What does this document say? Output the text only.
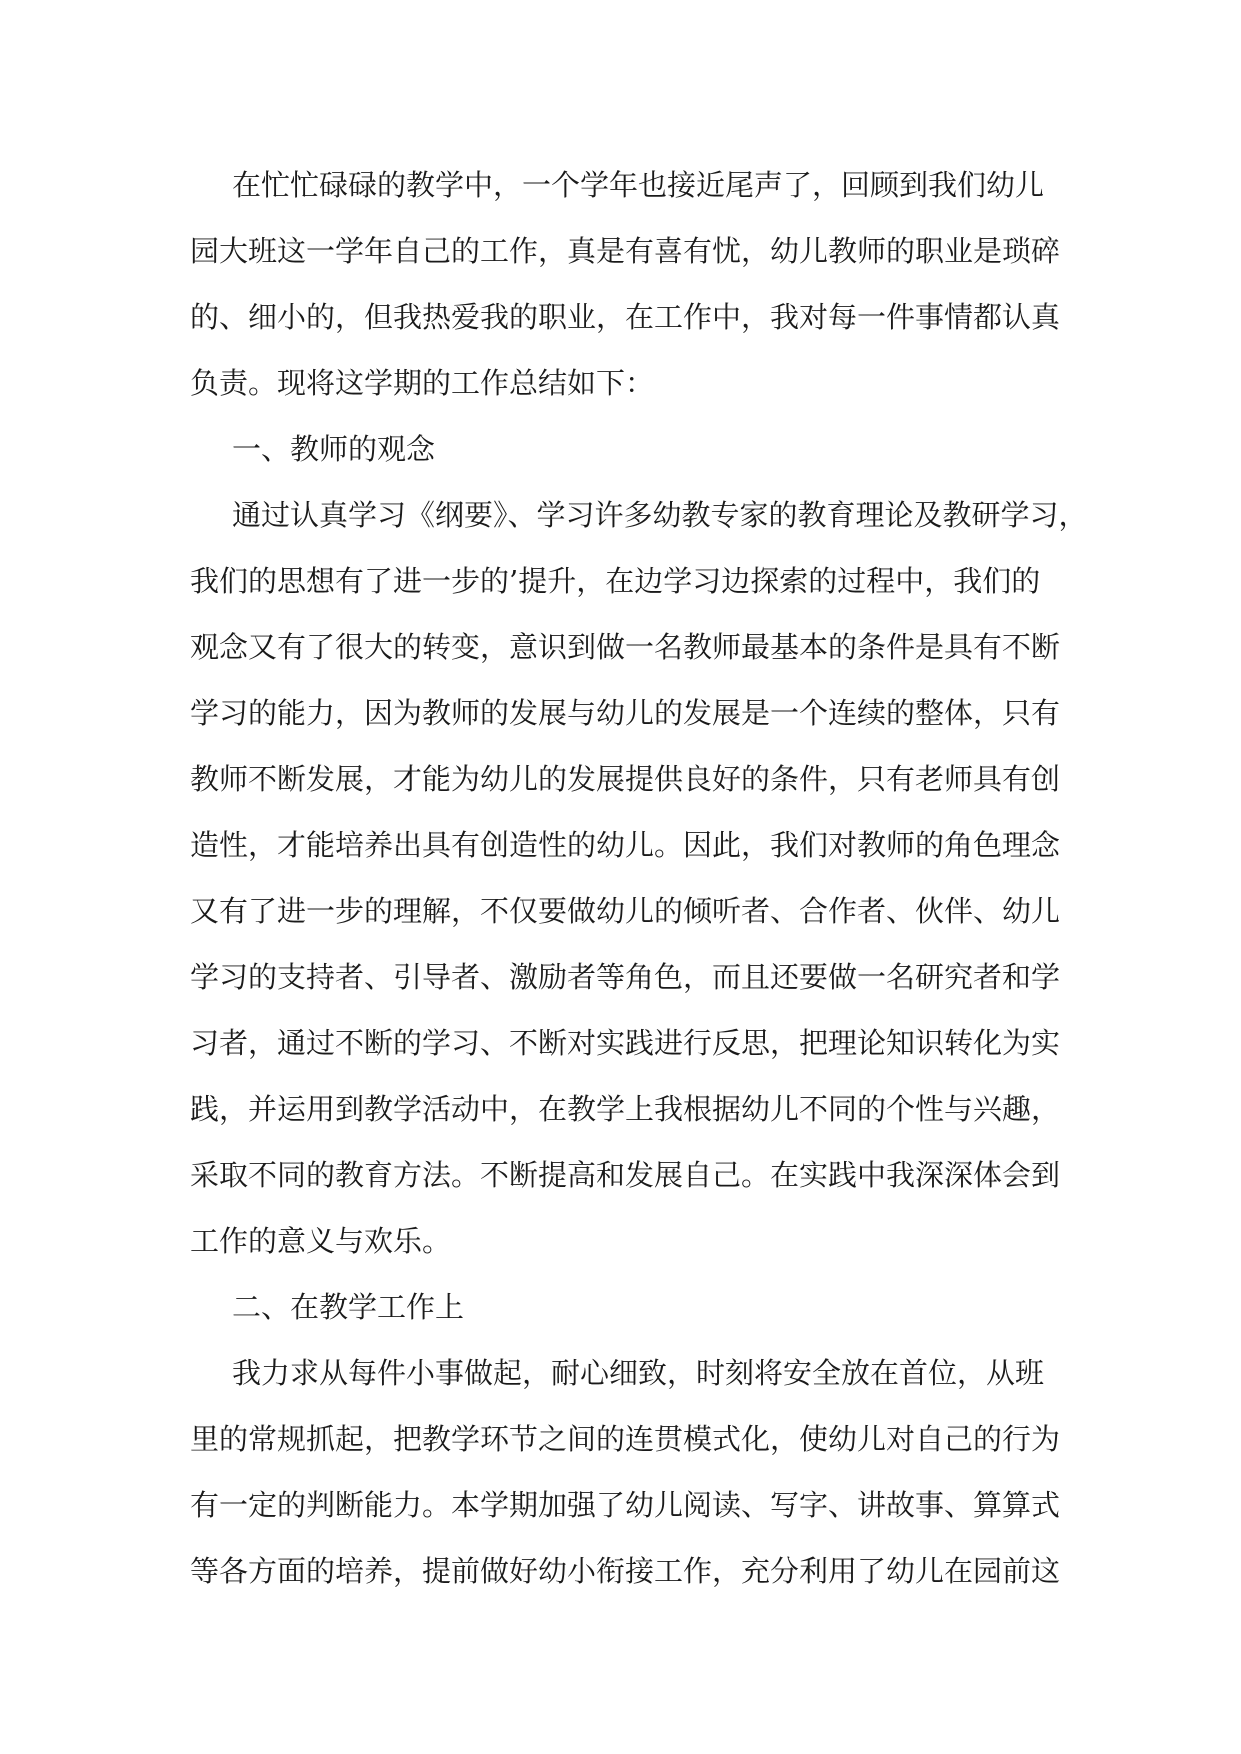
在忙忙碌碌的教学中，一个学年也接近尾声了，回顾到我们幼儿
园大班这一学年自己的工作，真是有喜有忧，幼儿教师的职业是琐碎
的、细小的，但我热爱我的职业，在工作中，我对每一件事情都认真
负责。现将这学期的工作总结如下：
一、教师的观念
通过认真学习《纲要》、学习许多幼教专家的教育理论及教研学习，
我们的思想有了进一步的’提升，在边学习边探索的过程中，我们的
观念又有了很大的转变，意识到做一名教师最基本的条件是具有不断
学习的能力，因为教师的发展与幼儿的发展是一个连续的整体，只有
教师不断发展，才能为幼儿的发展提供良好的条件，只有老师具有创
造性，才能培养出具有创造性的幼儿。因此，我们对教师的角色理念
又有了进一步的理解，不仅要做幼儿的倾听者、合作者、伙伴、幼儿
学习的支持者、引导者、激励者等角色，而且还要做一名研究者和学
习者，通过不断的学习、不断对实践进行反思，把理论知识转化为实
践，并运用到教学活动中，在教学上我根据幼儿不同的个性与兴趣，
采取不同的教育方法。不断提高和发展自己。在实践中我深深体会到
工作的意义与欢乐。
二、在教学工作上
我力求从每件小事做起，耐心细致，时刻将安全放在首位，从班
里的常规抓起，把教学环节之间的连贯模式化，使幼儿对自己的行为
有一定的判断能力。本学期加强了幼儿阅读、写字、讲故事、算算式
等各方面的培养，提前做好幼小衔接工作，充分利用了幼儿在园前这
